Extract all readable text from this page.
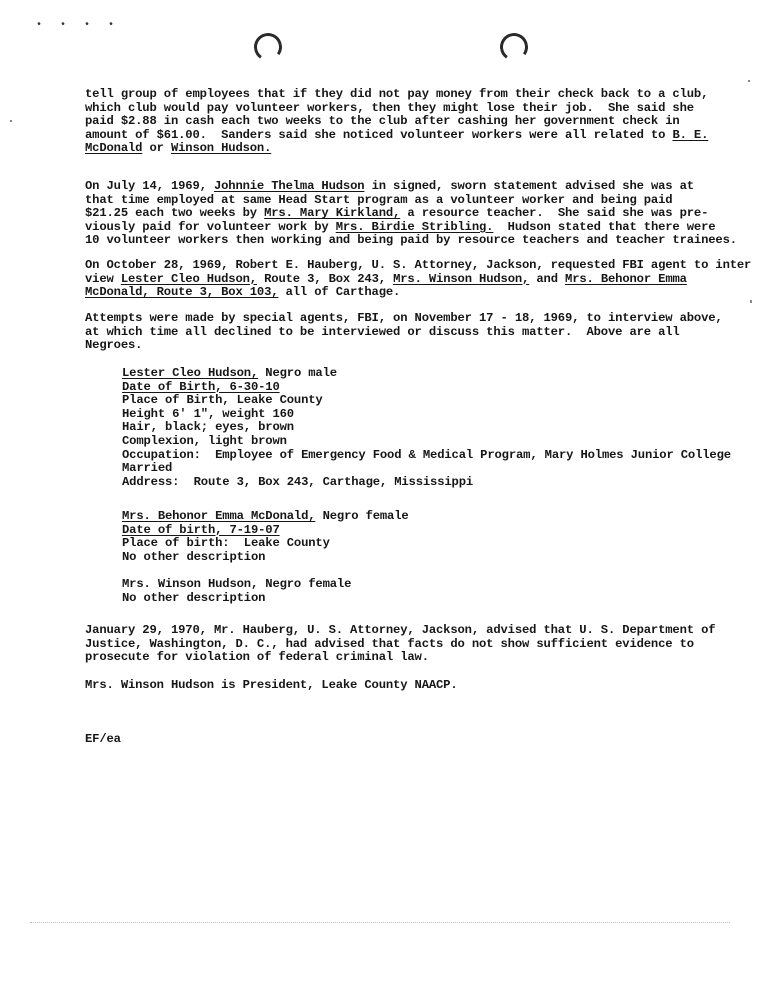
• • • •
tell group of employees that if they did not pay money from their check back to a club,
which club would pay volunteer workers, then they might lose their job.  She said she
paid $2.88 in cash each two weeks to the club after cashing her government check in
amount of $61.00.  Sanders said she noticed volunteer workers were all related to B. E.
McDonald or Winson Hudson.
On July 14, 1969, Johnnie Thelma Hudson in signed, sworn statement advised she was at
that time employed at same Head Start program as a volunteer worker and being paid
$21.25 each two weeks by Mrs. Mary Kirkland, a resource teacher.  She said she was pre-
viously paid for volunteer work by Mrs. Birdie Stribling.  Hudson stated that there were
10 volunteer workers then working and being paid by resource teachers and teacher trainees.
On October 28, 1969, Robert E. Hauberg, U. S. Attorney, Jackson, requested FBI agent to inter
view Lester Cleo Hudson, Route 3, Box 243, Mrs. Winson Hudson, and Mrs. Behonor Emma
McDonald, Route 3, Box 103, all of Carthage.
Attempts were made by special agents, FBI, on November 17 - 18, 1969, to interview above,
at which time all declined to be interviewed or discuss this matter.  Above are all
Negroes.
Lester Cleo Hudson, Negro male
Date of Birth, 6-30-10
Place of Birth, Leake County
Height 6' 1", weight 160
Hair, black; eyes, brown
Complexion, light brown
Occupation:  Employee of Emergency Food & Medical Program, Mary Holmes Junior College
Married
Address:  Route 3, Box 243, Carthage, Mississippi
Mrs. Behonor Emma McDonald, Negro female
Date of birth, 7-19-07
Place of birth:  Leake County
No other description
Mrs. Winson Hudson, Negro female
No other description
January 29, 1970, Mr. Hauberg, U. S. Attorney, Jackson, advised that U. S. Department of
Justice, Washington, D. C., had advised that facts do not show sufficient evidence to
prosecute for violation of federal criminal law.
Mrs. Winson Hudson is President, Leake County NAACP.
EF/ea
